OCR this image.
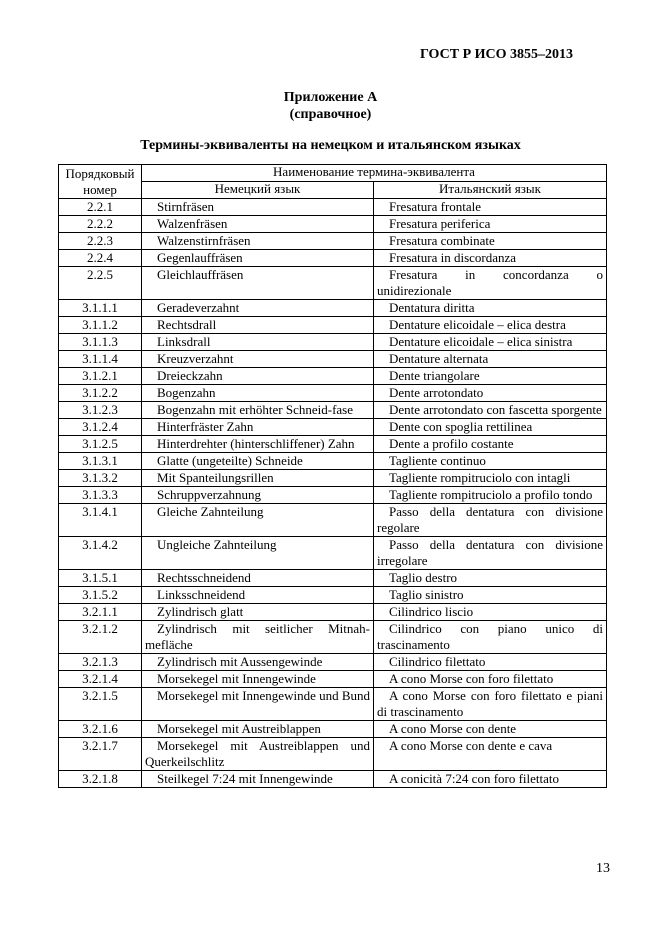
ГОСТ Р ИСО 3855–2013
Приложение А
(справочное)
Термины-эквиваленты на немецком и итальянском языках
Порядковый номер	Наименование термина-эквивалента	
	Немецкий язык	Итальянский язык
2.2.1	Stirnfräsen	Fresatura frontale
2.2.2	Walzenfräsen	Fresatura periferica
2.2.3	Walzenstirnfräsen	Fresatura combinate
2.2.4	Gegenlauffräsen	Fresatura in discordanza
2.2.5	Gleichlauffräsen	Fresatura in concordanza o unidirezionale
3.1.1.1	Geradeverzahnt	Dentatura diritta
3.1.1.2	Rechtsdrall	Dentature elicoidale – elica destra
3.1.1.3	Linksdrall	Dentature elicoidale – elica sinistra
3.1.1.4	Kreuzverzahnt	Dentature alternata
3.1.2.1	Dreieckzahn	Dente triangolare
3.1.2.2	Bogenzahn	Dente arrotondato
3.1.2.3	Bogenzahn mit erhöhter Schneid-fase	Dente arrotondato con fascetta sporgente
3.1.2.4	Hinterfräster Zahn	Dente con spoglia rettilinea
3.1.2.5	Hinterdrehter (hinterschliffener) Zahn	Dente a profilo costante
3.1.3.1	Glatte (ungeteilte) Schneide	Tagliente continuo
3.1.3.2	Mit Spanteilungsrillen	Tagliente rompitruciolo con intagli
3.1.3.3	Schruppverzahnung	Tagliente rompitruciolo a profilo tondo
3.1.4.1	Gleiche Zahnteilung	Passo della dentatura con divisione regolare
3.1.4.2	Ungleiche Zahnteilung	Passo della dentatura con divisione irregolare
3.1.5.1	Rechtsschneidend	Taglio destro
3.1.5.2	Linksschneidend	Taglio sinistro
3.2.1.1	Zylindrisch glatt	Cilindrico liscio
3.2.1.2	Zylindrisch mit seitlicher Mitnah-mefläche	Cilindrico con piano unico di trascinamento
3.2.1.3	Zylindrisch mit Aussengewinde	Cilindrico filettato
3.2.1.4	Morsekegel mit Innengewinde	A cono Morse con foro filettato
3.2.1.5	Morsekegel mit Innengewinde und Bund	A cono Morse con foro filettato e piani di trascinamento
3.2.1.6	Morsekegel mit Austreiblappen	A cono Morse con dente
3.2.1.7	Morsekegel mit Austreiblappen und Querkeilschlitz	A cono Morse con dente e cava
3.2.1.8	Steilkegel 7:24 mit Innengewinde	A conicità 7:24 con foro filettato
13
